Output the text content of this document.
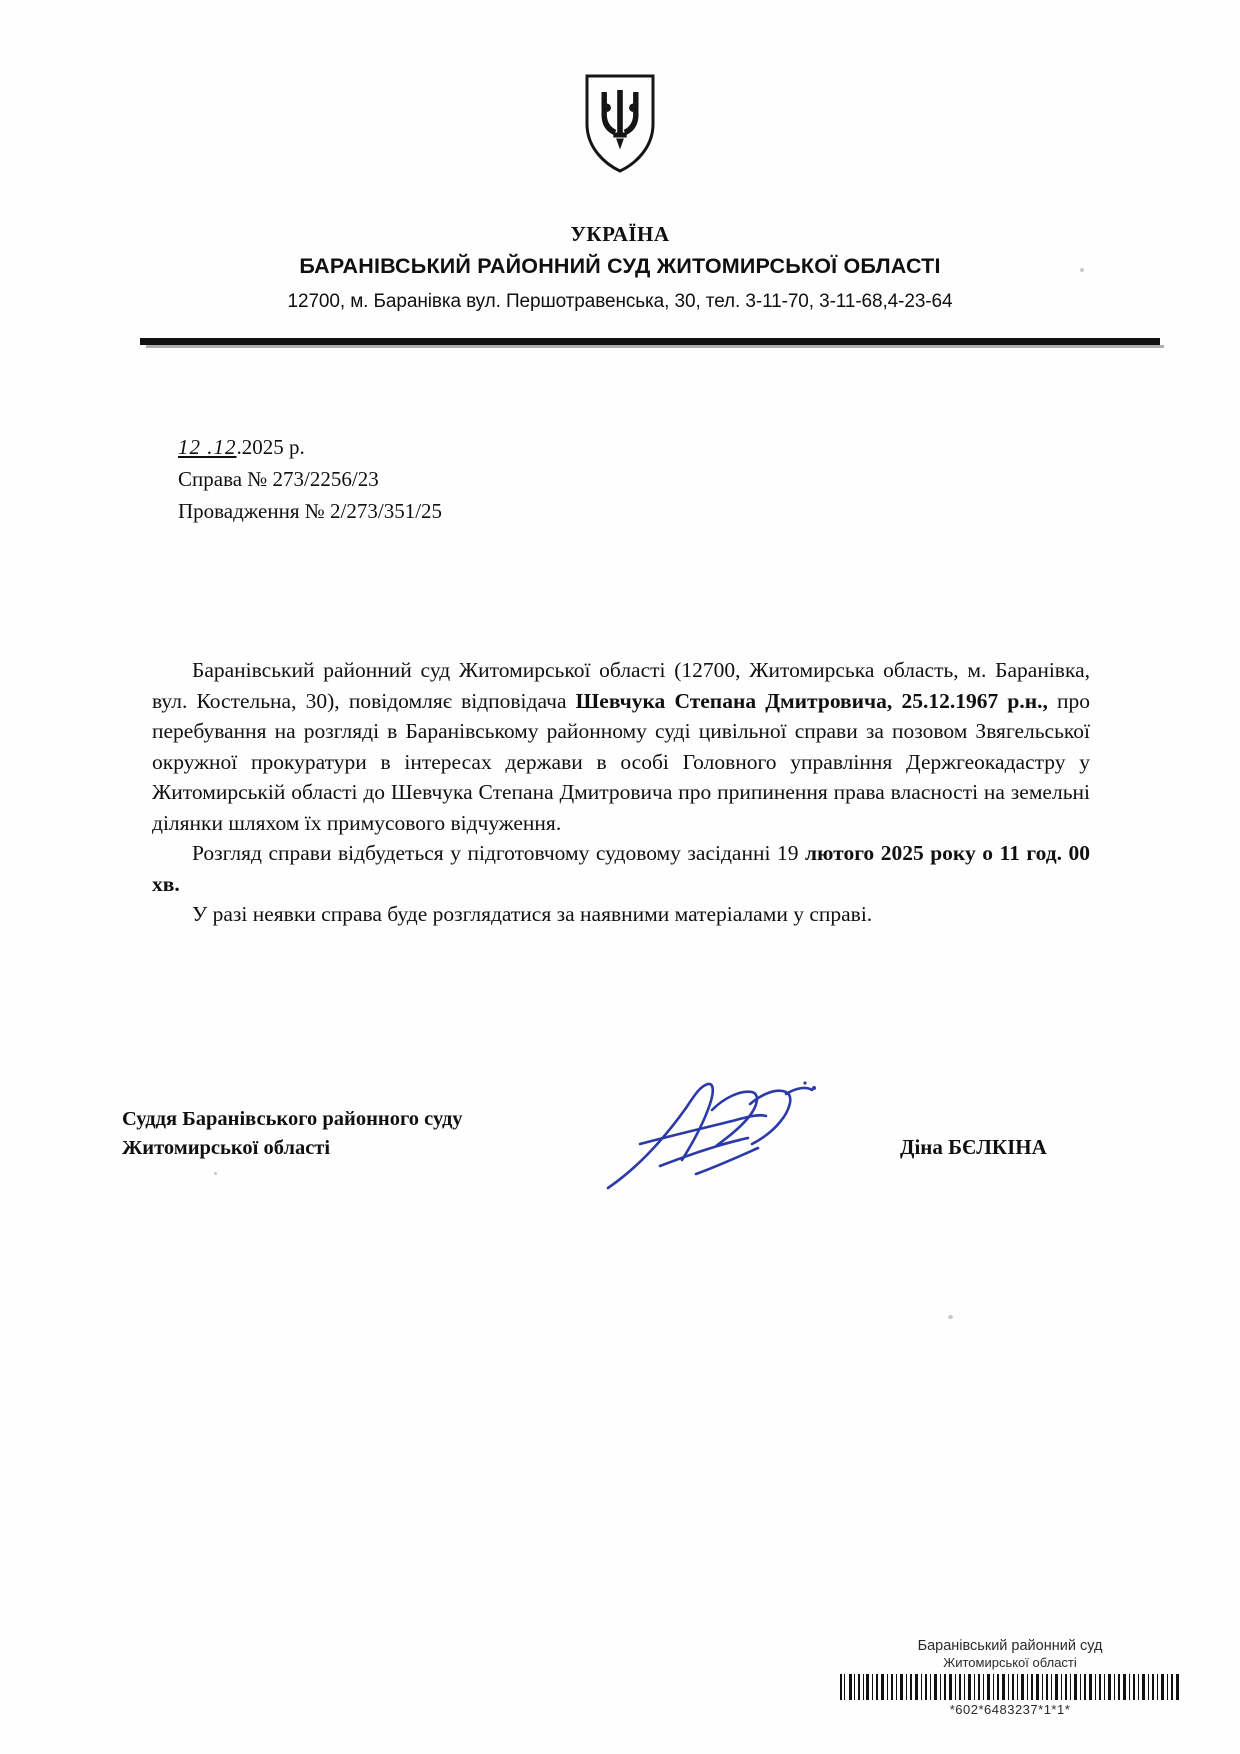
УКРАЇНА
БАРАНІВСЬКИЙ РАЙОННИЙ СУД ЖИТОМИРСЬКОЇ ОБЛАСТІ
12700, м. Баранівка вул. Першотравенська, 30, тел. 3-11-70, 3-11-68,4-23-64
12 .12.2025 р.
Справа № 273/2256/23
Провадження № 2/273/351/25

Баранівський районний суд Житомирської області (12700, Житомирська область, м. Баранівка, вул. Костельна, 30), повідомляє відповідача Шевчука Степана Дмитровича, 25.12.1967 р.н., про перебування на розгляді в Баранівському районному суді цивільної справи за позовом Звягельської окружної прокуратури в інтересах держави в особі Головного управління Держгеокадастру у Житомирській області до Шевчука Степана Дмитровича про припинення права власності на земельні ділянки шляхом їх примусового відчуження.

Розгляд справи відбудеться у підготовчому судовому засіданні 19 лютого 2025 року о 11 год. 00 хв.

У разі неявки справа буде розглядатися за наявними матеріалами у справі.

Суддя Баранівського районного суду
Житомирської області	Діна БЄЛКІНА
Баранівський районний суд
Житомирської області
*602*6483237*1*1*
